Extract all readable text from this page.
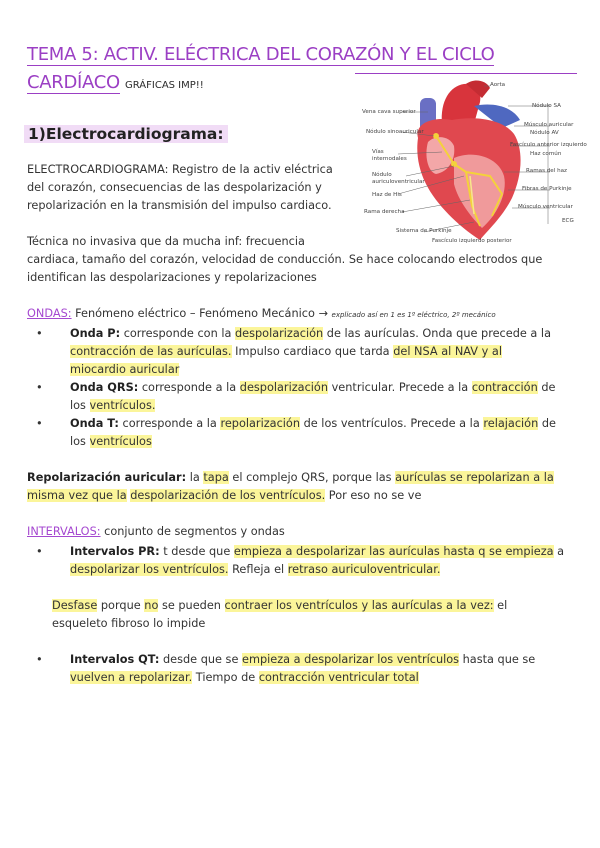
TEMA 5: ACTIV. ELÉCTRICA DEL CORAZÓN Y EL CICLO
CARDÍACO GRÁFICAS IMP!!
1)Electrocardiograma:
ELECTROCARDIOGRAMA: Registro de la activ eléctrica
del corazón, consecuencias de las despolarización y
repolarización en la transmisión del impulso cardiaco.
Técnica no invasiva que da mucha inf: frecuencia
cardiaca, tamaño del corazón, velocidad de conducción. Se hace colocando electrodos que
identifican las despolarizaciones y repolarizaciones
Vena cava superior
Nódulo sinoauricular
Vías internodales
Nódulo auriculoventricular
Haz de His
Rama derecha
Sistema de Purkinje
Aorta
Nódulo SA
Músculo auricular
Nódulo AV
Fascículo anterior izquierdo
Haz común
Ramas del haz
Fibras de Purkinje
Músculo ventricular
ECG
Fascículo izquierdo posterior
ONDAS: Fenómeno eléctrico – Fenómeno Mecánico → explicado así en 1 es 1º eléctrico, 2º mecánico
• Onda P: corresponde con la despolarización de las aurículas. Onda que precede a la
contracción de las aurículas. Impulso cardiaco que tarda del NSA al NAV y al
miocardio auricular
• Onda QRS: corresponde a la despolarización ventricular. Precede a la contracción de
los ventrículos.
• Onda T: corresponde a la repolarización de los ventrículos. Precede a la relajación de
los ventrículos
Repolarización auricular: la tapa el complejo QRS, porque las aurículas se repolarizan a la
misma vez que la despolarización de los ventrículos. Por eso no se ve
INTERVALOS: conjunto de segmentos y ondas
• Intervalos PR: t desde que empieza a despolarizar las aurículas hasta q se empieza a
despolarizar los ventrículos. Refleja el retraso auriculoventricular.
Desfase porque no se pueden contraer los ventrículos y las aurículas a la vez: el
esqueleto fibroso lo impide
• Intervalos QT: desde que se empieza a despolarizar los ventrículos hasta que se
vuelven a repolarizar. Tiempo de contracción ventricular total
